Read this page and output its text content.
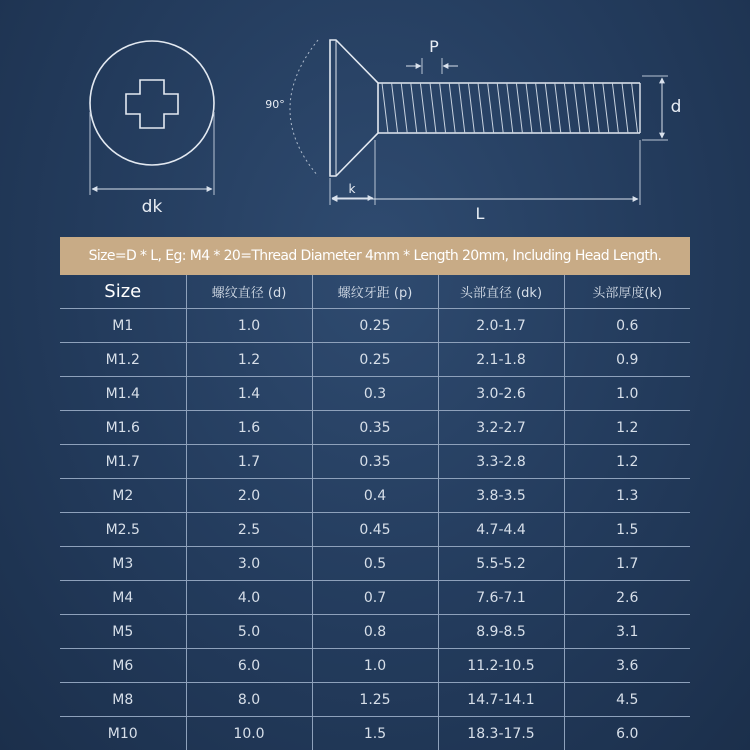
dk
90°
P
d
k
L
Size=D * L, Eg: M4 * 20=Thread Diameter 4mm * Length 20mm, Including Head Length.
Size	螺纹直径 (d)	螺纹牙距 (p)	头部直径 (dk)	头部厚度(k)
M1	1.0	0.25	2.0-1.7	0.6
M1.2	1.2	0.25	2.1-1.8	0.9
M1.4	1.4	0.3	3.0-2.6	1.0
M1.6	1.6	0.35	3.2-2.7	1.2
M1.7	1.7	0.35	3.3-2.8	1.2
M2	2.0	0.4	3.8-3.5	1.3
M2.5	2.5	0.45	4.7-4.4	1.5
M3	3.0	0.5	5.5-5.2	1.7
M4	4.0	0.7	7.6-7.1	2.6
M5	5.0	0.8	8.9-8.5	3.1
M6	6.0	1.0	11.2-10.5	3.6
M8	8.0	1.25	14.7-14.1	4.5
M10	10.0	1.5	18.3-17.5	6.0
